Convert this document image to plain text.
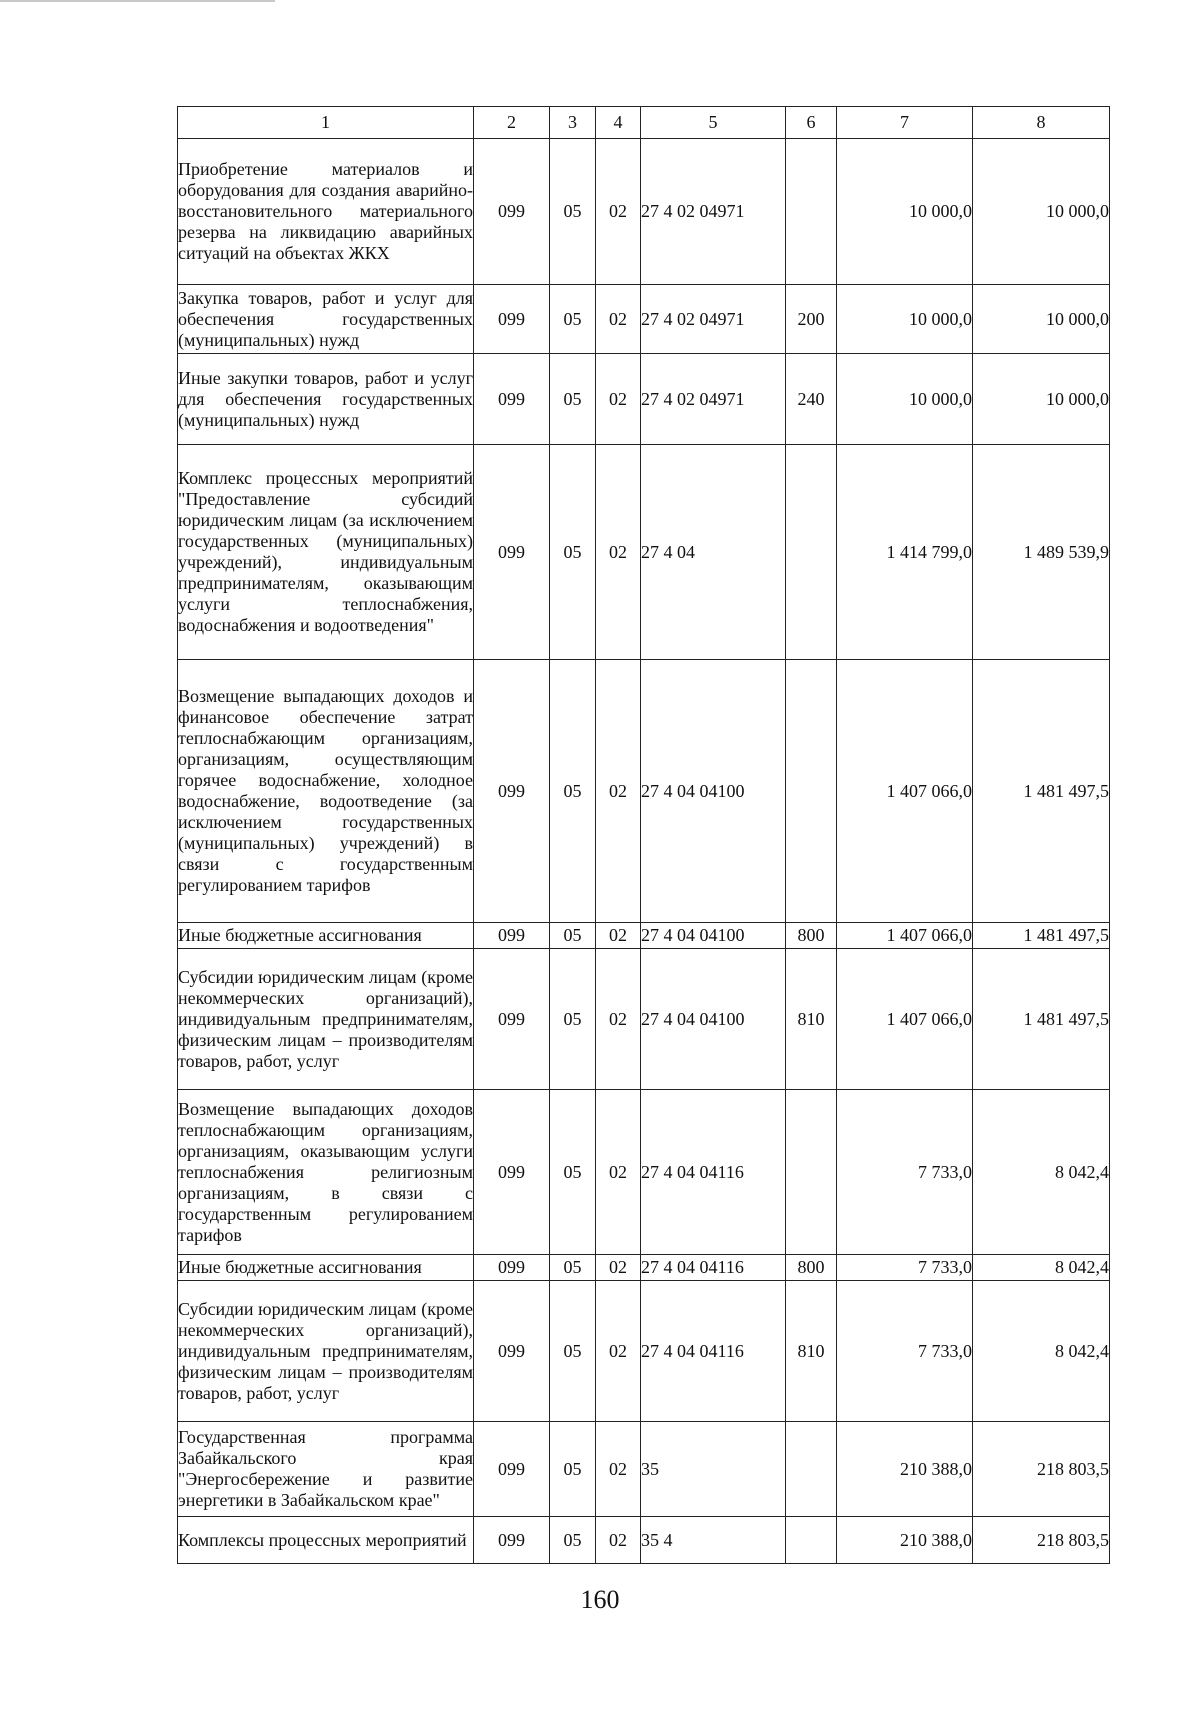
1	2	3	4	5	6	7	8
Приобретение материалов и оборудования для создания аварийно-восстановительного материального резерва на ликвидацию аварийных ситуаций на объектах ЖКХ	099	05	02	27 4 02 04971		10 000,0	10 000,0
Закупка товаров, работ и услуг для обеспечения государственных (муниципальных) нужд	099	05	02	27 4 02 04971	200	10 000,0	10 000,0
Иные закупки товаров, работ и услуг для обеспечения государственных (муниципальных) нужд	099	05	02	27 4 02 04971	240	10 000,0	10 000,0
Комплекс процессных мероприятий "Предоставление субсидий юридическим лицам (за исключением государственных (муниципальных) учреждений), индивидуальным предпринимателям, оказывающим услуги теплоснабжения, водоснабжения и водоотведения"	099	05	02	27 4 04		1 414 799,0	1 489 539,9
Возмещение выпадающих доходов и финансовое обеспечение затрат теплоснабжающим организациям, организациям, осуществляющим горячее водоснабжение, холодное водоснабжение, водоотведение (за исключением государственных (муниципальных) учреждений) в связи с государственным регулированием тарифов	099	05	02	27 4 04 04100		1 407 066,0	1 481 497,5
Иные бюджетные ассигнования	099	05	02	27 4 04 04100	800	1 407 066,0	1 481 497,5
Субсидии юридическим лицам (кроме некоммерческих организаций), индивидуальным предпринимателям, физическим лицам – производителям товаров, работ, услуг	099	05	02	27 4 04 04100	810	1 407 066,0	1 481 497,5
Возмещение выпадающих доходов теплоснабжающим организациям, организациям, оказывающим услуги теплоснабжения религиозным организациям, в связи с государственным регулированием тарифов	099	05	02	27 4 04 04116		7 733,0	8 042,4
Иные бюджетные ассигнования	099	05	02	27 4 04 04116	800	7 733,0	8 042,4
Субсидии юридическим лицам (кроме некоммерческих организаций), индивидуальным предпринимателям, физическим лицам – производителям товаров, работ, услуг	099	05	02	27 4 04 04116	810	7 733,0	8 042,4
Государственная программа Забайкальского края "Энергосбережение и развитие энергетики в Забайкальском крае"	099	05	02	35		210 388,0	218 803,5
Комплексы процессных мероприятий	099	05	02	35 4		210 388,0	218 803,5
160
